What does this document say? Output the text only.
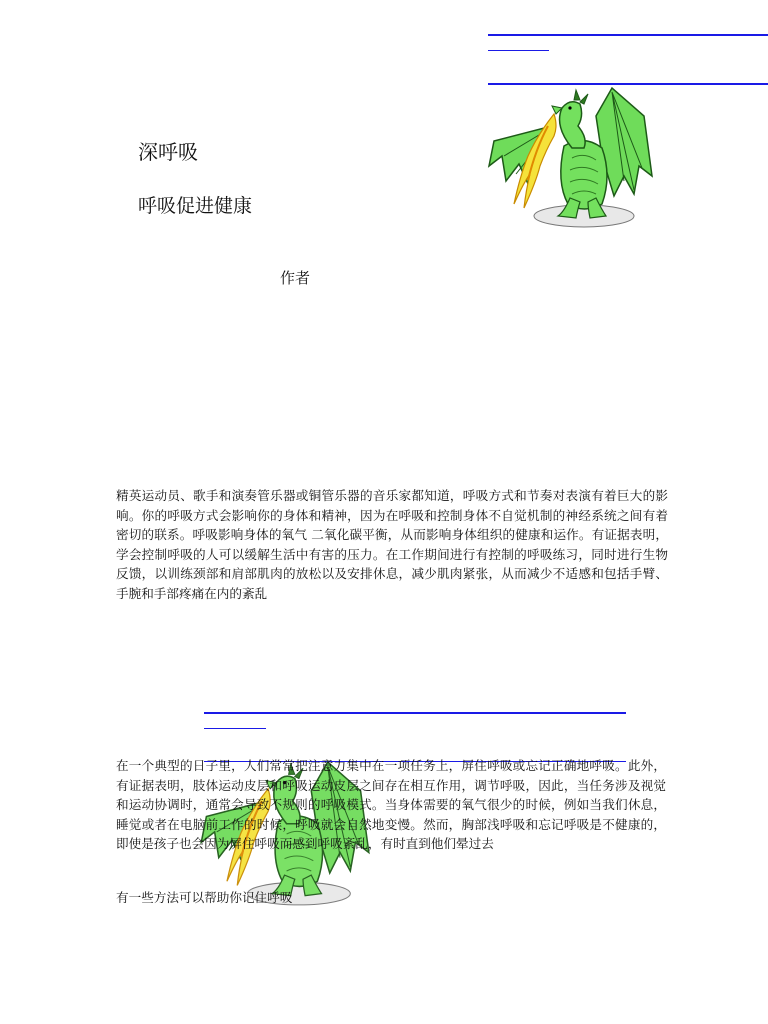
深呼吸
呼吸促进健康
作者

精英运动员、歌手和演奏管乐器或铜管乐器的音乐家都知道，呼吸方式和节奏对表演有着巨大的影响。你的呼吸方式会影响你的身体和精神，因为在呼吸和控制身体不自觉机制的神经系统之间有着密切的联系。呼吸影响身体的氧气 二氧化碳平衡，从而影响身体组织的健康和运作。有证据表明，学会控制呼吸的人可以缓解生活中有害的压力。在工作期间进行有控制的呼吸练习，同时进行生物反馈，以训练颈部和肩部肌肉的放松以及安排休息，减少肌肉紧张，从而减少不适感和包括手臂、手腕和手部疼痛在内的紊乱

在一个典型的日子里，人们常常把注意力集中在一项任务上，屏住呼吸或忘记正确地呼吸。此外，有证据表明，肢体运动皮层和呼吸运动皮层之间存在相互作用，调节呼吸，因此，当任务涉及视觉和运动协调时，通常会导致不规则的呼吸模式。当身体需要的氧气很少的时候，例如当我们休息，睡觉或者在电脑前工作的时候，呼吸就会自然地变慢。然而，胸部浅呼吸和忘记呼吸是不健康的，即使是孩子也会因为屏住呼吸而感到呼吸紊乱，有时直到他们晕过去

有一些方法可以帮助你记住呼吸
